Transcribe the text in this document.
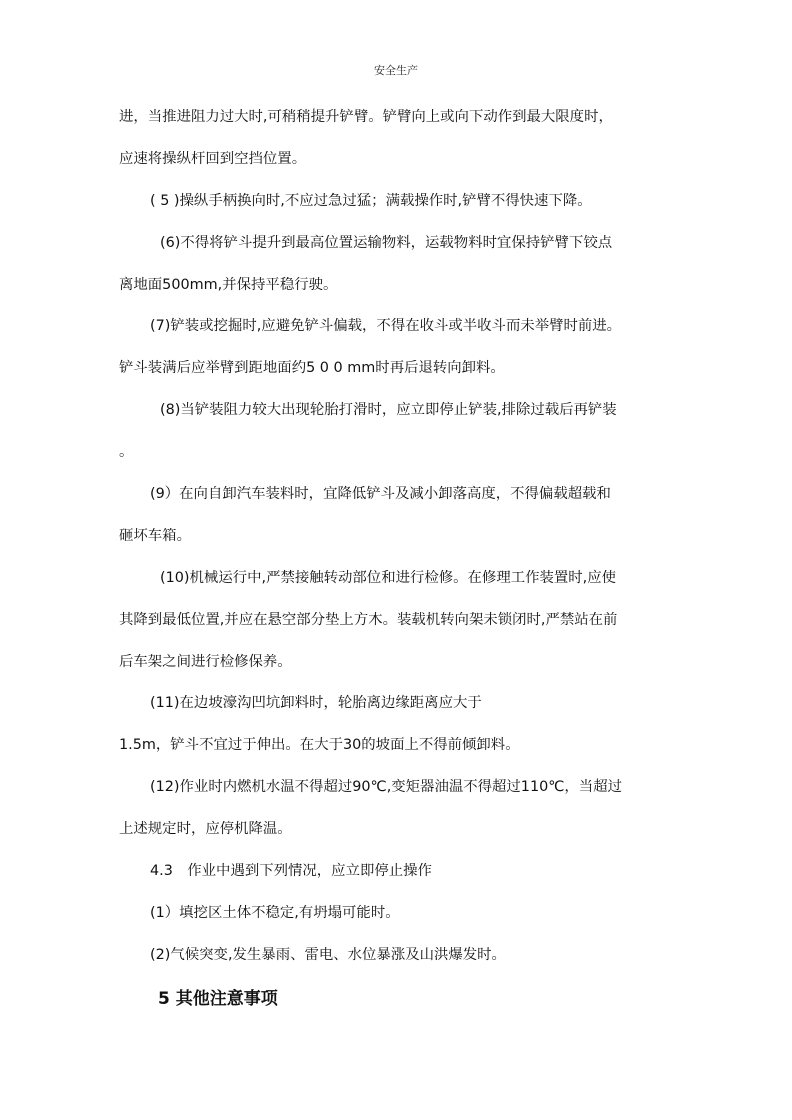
安全生产
进，当推进阻力过大时,可稍稍提升铲臂。铲臂向上或向下动作到最大限度时，
应速将操纵杆回到空挡位置。
( 5 )操纵手柄换向时,不应过急过猛；满载操作时,铲臂不得快速下降。
(6)不得将铲斗提升到最高位置运输物料，运载物料时宜保持铲臂下铰点
离地面500mm,并保持平稳行驶。
(7)铲装或挖掘时,应避免铲斗偏载，不得在收斗或半收斗而未举臂时前进。
铲斗装满后应举臂到距地面约5 0 0 mm时再后退转向卸料。
(8)当铲装阻力较大出现轮胎打滑时，应立即停止铲装,排除过载后再铲装
。
(9）在向自卸汽车装料时，宜降低铲斗及减小卸落高度，不得偏载超载和
砸坏车箱。
(10)机械运行中,严禁接触转动部位和进行检修。在修理工作装置时,应使
其降到最低位置,并应在悬空部分垫上方木。装载机转向架未锁闭时,严禁站在前
后车架之间进行检修保养。
(11)在边坡濠沟凹坑卸料时，轮胎离边缘距离应大于
1.5m，铲斗不宜过于伸出。在大于30的坡面上不得前倾卸料。
(12)作业时内燃机水温不得超过90℃,变矩器油温不得超过110℃，当超过
上述规定时，应停机降温。
4.3　作业中遇到下列情况，应立即停止操作
(1）填挖区土体不稳定,有坍塌可能时。
(2)气候突变,发生暴雨、雷电、水位暴涨及山洪爆发时。
5 其他注意事项
